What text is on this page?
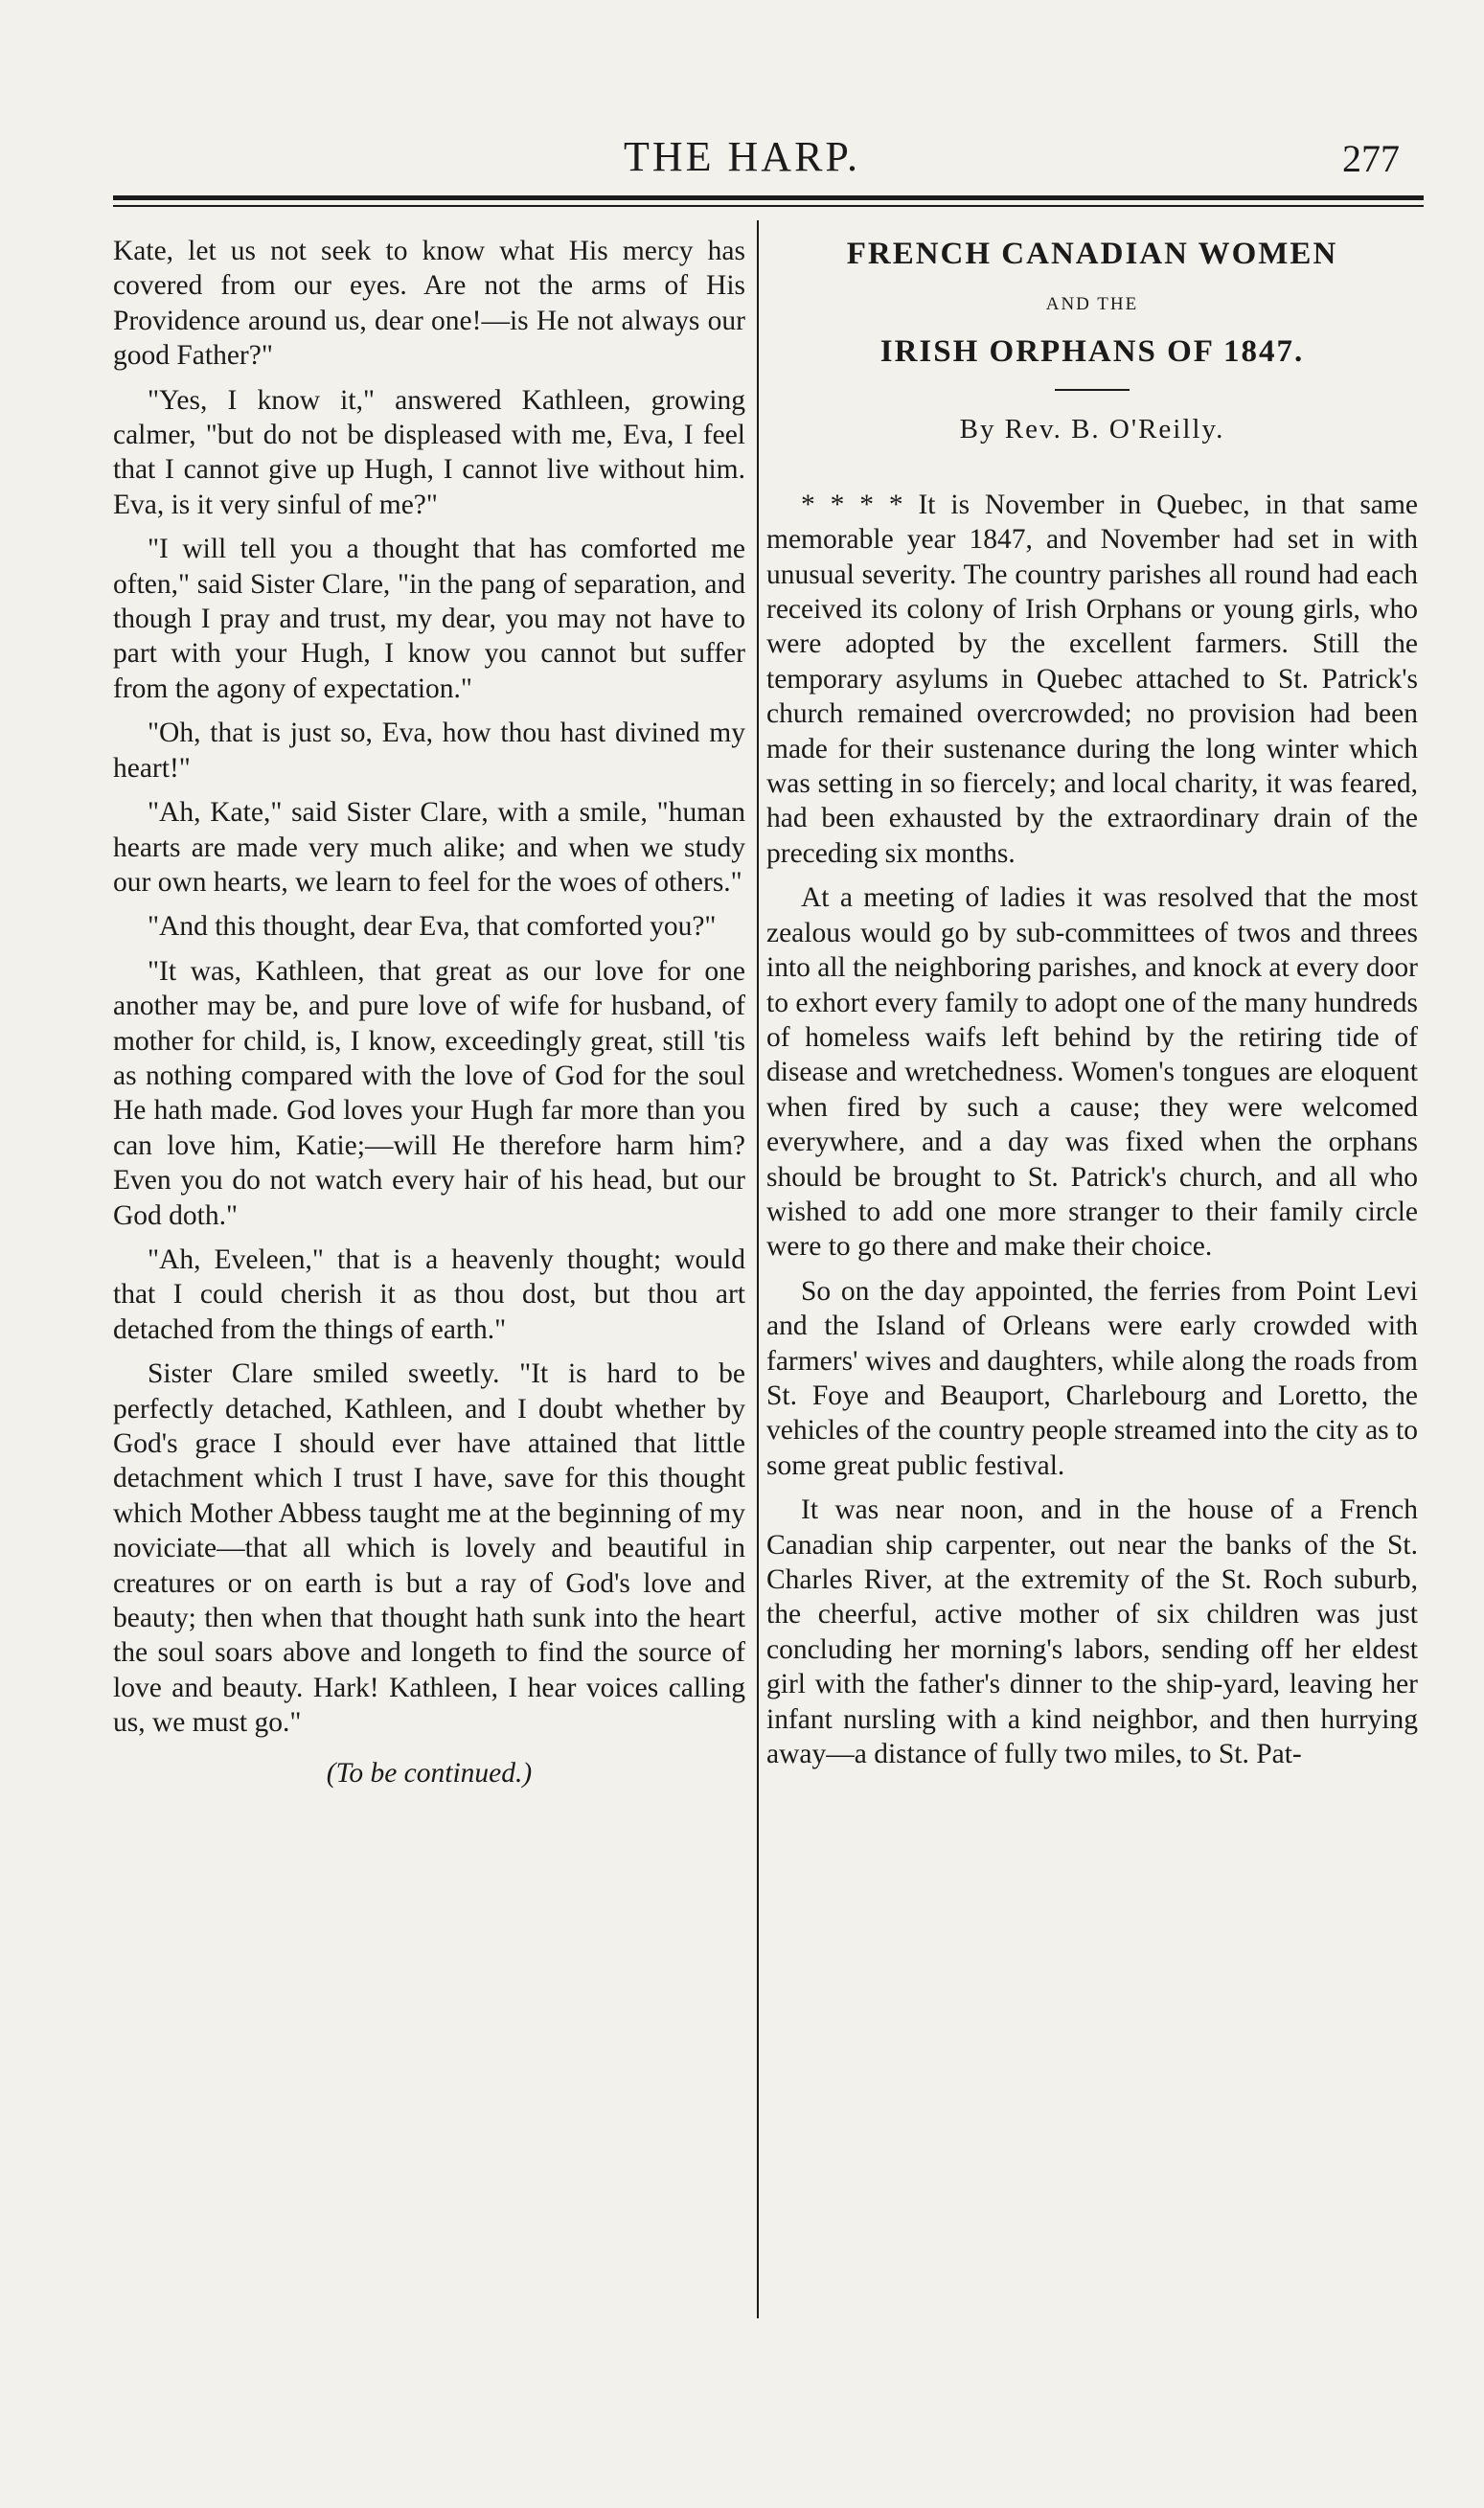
THE HARP.	277

Kate, let us not seek to know what His mercy has covered from our eyes. Are not the arms of His Providence around us, dear one!—is He not always our good Father?"

"Yes, I know it," answered Kathleen, growing calmer, "but do not be displeased with me, Eva, I feel that I cannot give up Hugh, I cannot live without him. Eva, is it very sinful of me?"

"I will tell you a thought that has comforted me often," said Sister Clare, "in the pang of separation, and though I pray and trust, my dear, you may not have to part with your Hugh, I know you cannot but suffer from the agony of expectation."

"Oh, that is just so, Eva, how thou hast divined my heart!"

"Ah, Kate," said Sister Clare, with a smile, "human hearts are made very much alike; and when we study our own hearts, we learn to feel for the woes of others."

"And this thought, dear Eva, that comforted you?"

"It was, Kathleen, that great as our love for one another may be, and pure love of wife for husband, of mother for child, is, I know, exceedingly great, still 'tis as nothing compared with the love of God for the soul He hath made. God loves your Hugh far more than you can love him, Katie;—will He therefore harm him? Even you do not watch every hair of his head, but our God doth."

"Ah, Eveleen," that is a heavenly thought; would that I could cherish it as thou dost, but thou art detached from the things of earth."

Sister Clare smiled sweetly. "It is hard to be perfectly detached, Kathleen, and I doubt whether by God's grace I should ever have attained that little detachment which I trust I have, save for this thought which Mother Abbess taught me at the beginning of my noviciate—that all which is lovely and beautiful in creatures or on earth is but a ray of God's love and beauty; then when that thought hath sunk into the heart the soul soars above and longeth to find the source of love and beauty. Hark! Kathleen, I hear voices calling us, we must go."

(To be continued.)
FRENCH CANADIAN WOMEN
AND THE
IRISH ORPHANS OF 1847.
By Rev. B. O'Reilly.

* * * * It is November in Quebec, in that same memorable year 1847, and November had set in with unusual severity. The country parishes all round had each received its colony of Irish Orphans or young girls, who were adopted by the excellent farmers. Still the temporary asylums in Quebec attached to St. Patrick's church remained overcrowded; no provision had been made for their sustenance during the long winter which was setting in so fiercely; and local charity, it was feared, had been exhausted by the extraordinary drain of the preceding six months.

At a meeting of ladies it was resolved that the most zealous would go by sub-committees of twos and threes into all the neighboring parishes, and knock at every door to exhort every family to adopt one of the many hundreds of homeless waifs left behind by the retiring tide of disease and wretchedness. Women's tongues are eloquent when fired by such a cause; they were welcomed everywhere, and a day was fixed when the orphans should be brought to St. Patrick's church, and all who wished to add one more stranger to their family circle were to go there and make their choice.

So on the day appointed, the ferries from Point Levi and the Island of Orleans were early crowded with farmers' wives and daughters, while along the roads from St. Foye and Beauport, Charlebourg and Loretto, the vehicles of the country people streamed into the city as to some great public festival.

It was near noon, and in the house of a French Canadian ship carpenter, out near the banks of the St. Charles River, at the extremity of the St. Roch suburb, the cheerful, active mother of six children was just concluding her morning's labors, sending off her eldest girl with the father's dinner to the ship-yard, leaving her infant nursling with a kind neighbor, and then hurrying away—a distance of fully two miles, to St. Pat-
